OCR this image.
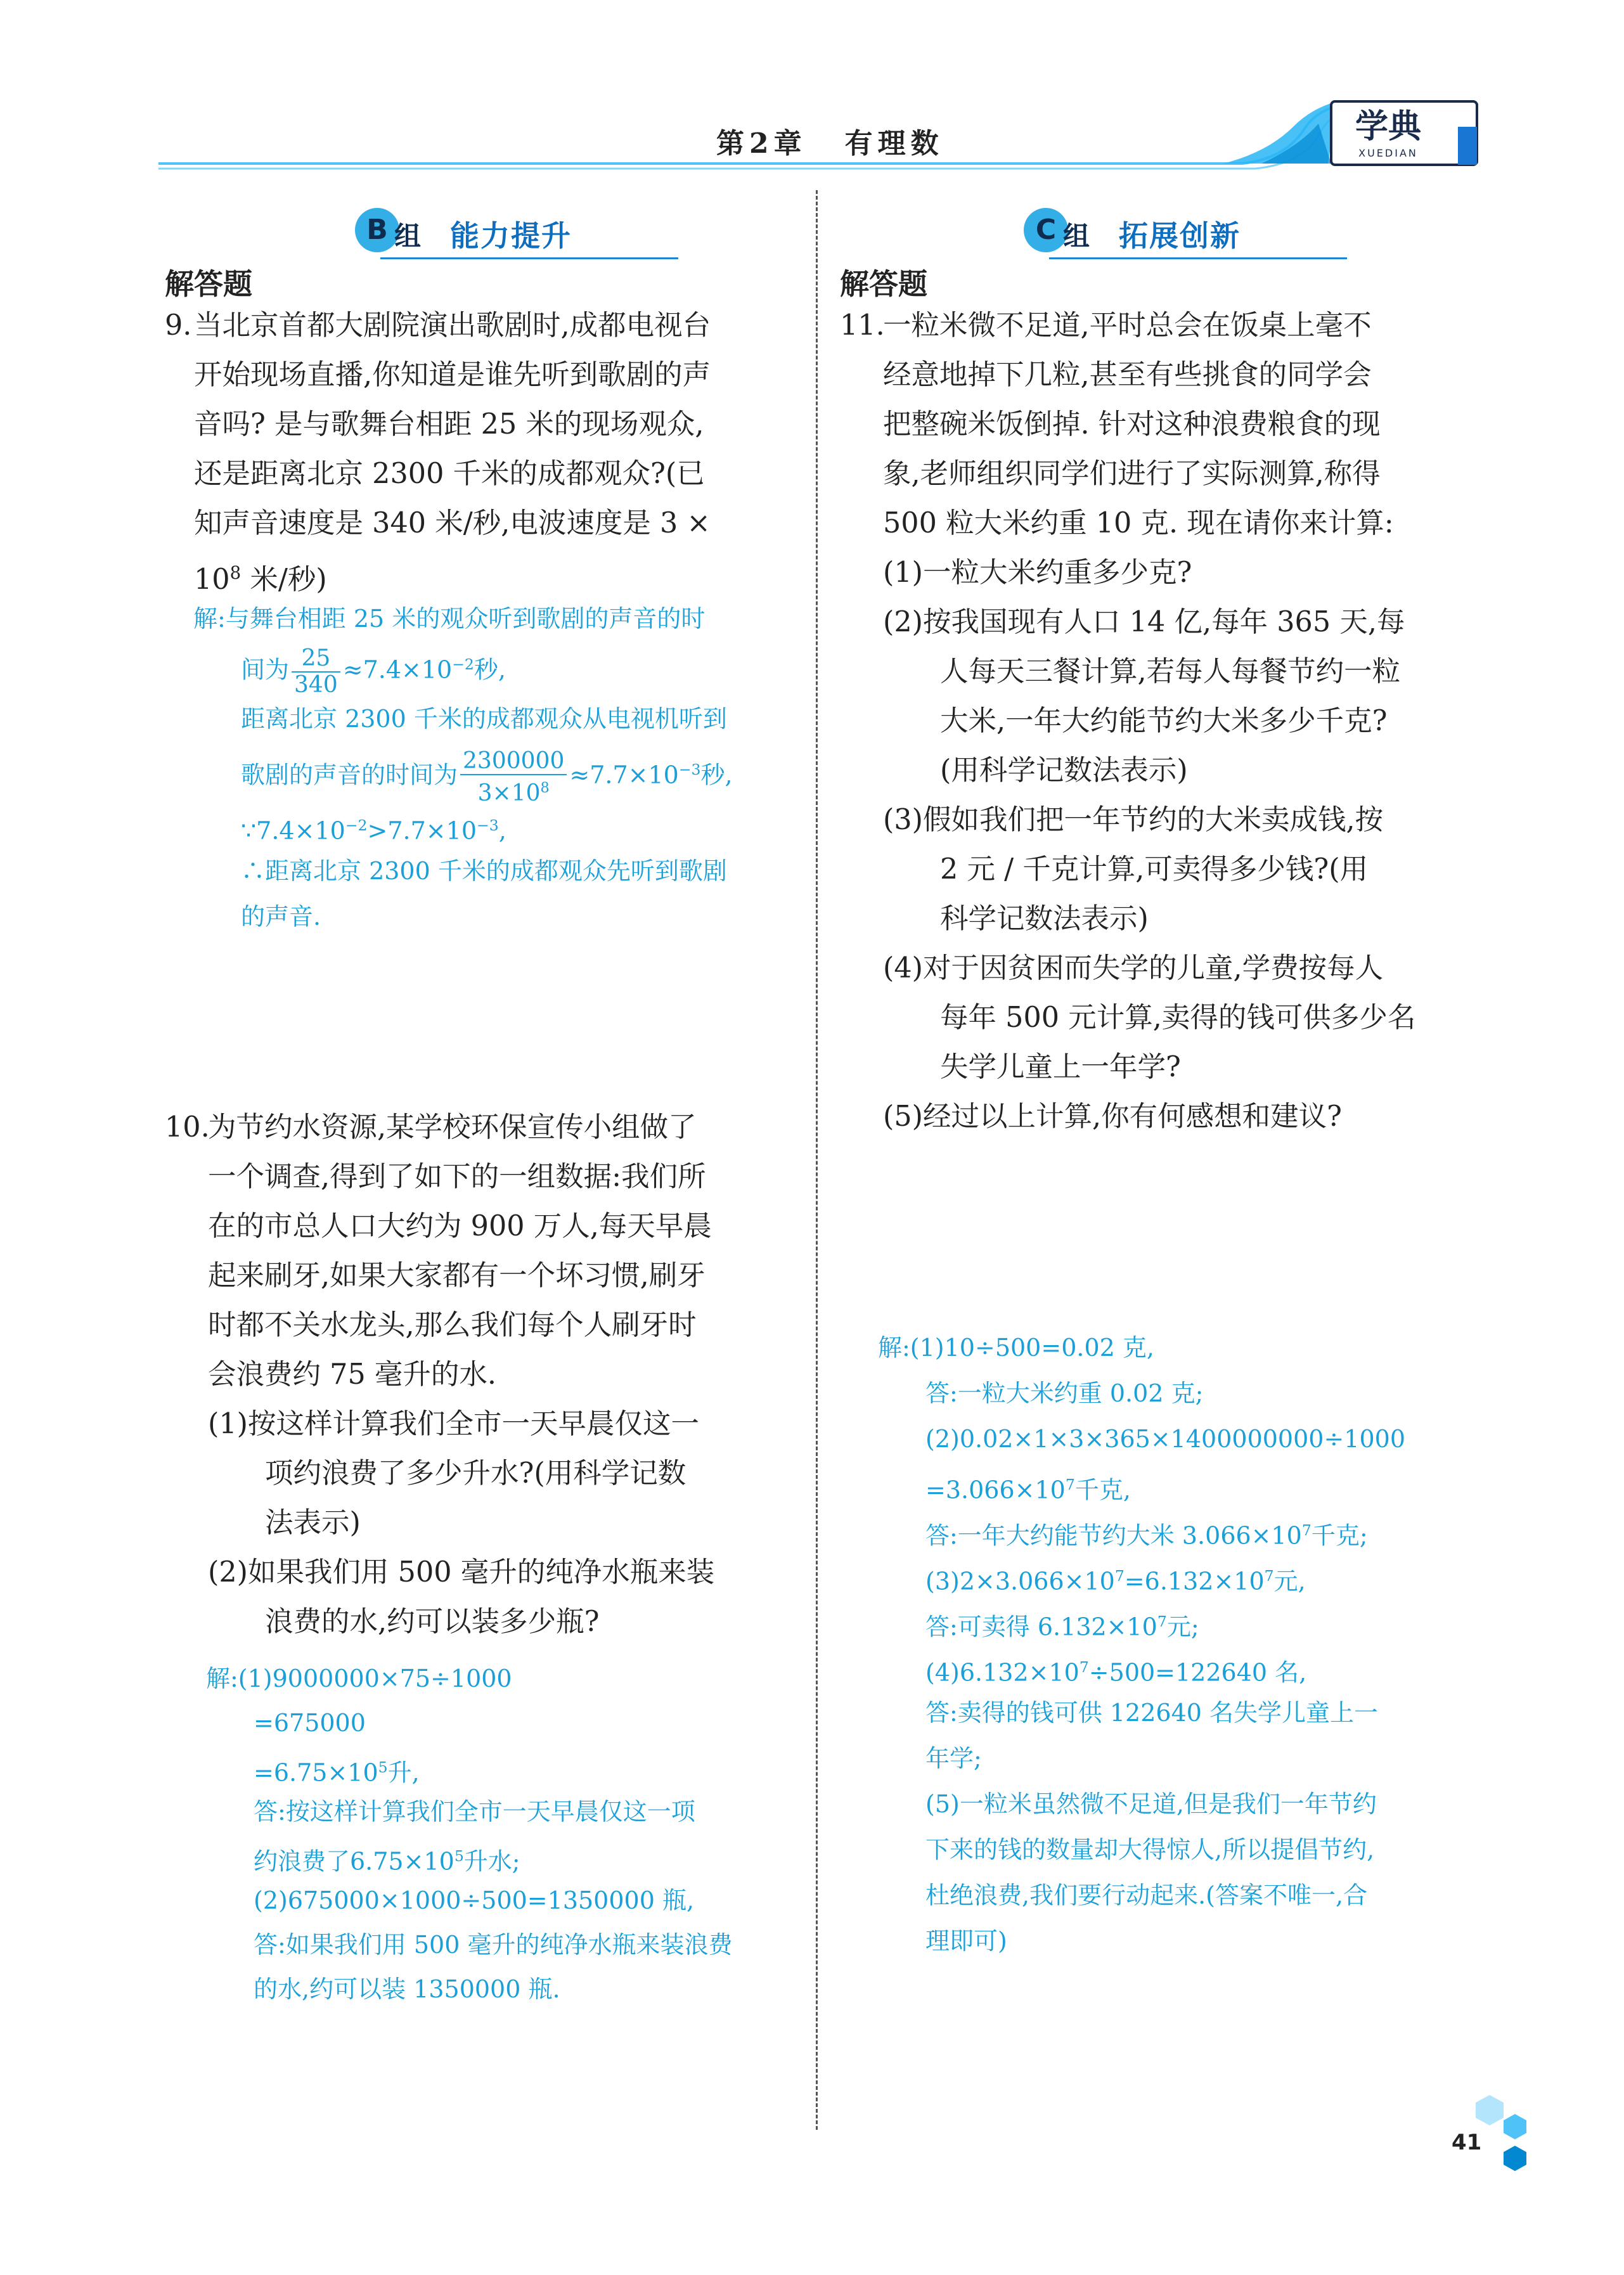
第2章 有理数	学典
XUEDIAN
B 组 能力提升
解答题
9. 当北京首都大剧院演出歌剧时,成都电视台
开始现场直播,你知道是谁先听到歌剧的声
音吗? 是与歌舞台相距 25 米的现场观众,
还是距离北京 2300 千米的成都观众?(已
知声音速度是 340 米/秒,电波速度是 3 ×
$10^8$ 米/秒)
解:与舞台相距 25 米的观众听到歌剧的声音的时
间为 $\frac{25}{340} \approx 7.4\times 10^{-2}$秒,
距离北京 2300 千米的成都观众从电视机听到
歌剧的声音的时间为 $\frac{2300000}{3\times 10^8} \approx 7.7\times 10^{-3}$秒,
$\because 7.4\times 10^{-2}>7.7\times 10^{-3}$,
∴距离北京 2300 千米的成都观众先听到歌剧
的声音.
10.
为节约水资源,某学校环保宣传小组做了
一个调查,得到了如下的一组数据:我们所
在的市总人口大约为 900 万人,每天早晨
起来刷牙,如果大家都有一个坏习惯,刷牙
时都不关水龙头,那么我们每个人刷牙时
会浪费约 75 毫升的水.
(1)按这样计算我们全市一天早晨仅这一
项约浪费了多少升水?(用科学记数
法表示)
(2)如果我们用 500 毫升的纯净水瓶来装
浪费的水,约可以装多少瓶?
解:(1)9000000×75÷1000
=675000
$=6.75\times 10^5$升,
答:按这样计算我们全市一天早晨仅这一项
约浪费了$6.75\times 10^5$升水;
(2)675000×1000÷500=1350000 瓶,
答:如果我们用 500 毫升的纯净水瓶来装浪费
的水,约可以装 1350000 瓶.
C 组 拓展创新
解答题
11.
一粒米微不足道,平时总会在饭桌上毫不
经意地掉下几粒,甚至有些挑食的同学会
把整碗米饭倒掉. 针对这种浪费粮食的现
象,老师组织同学们进行了实际测算,称得
500 粒大米约重 10 克. 现在请你来计算:
(1)一粒大米约重多少克?
(2)按我国现有人口 14 亿,每年 365 天,每
人每天三餐计算,若每人每餐节约一粒
大米,一年大约能节约大米多少千克?
(用科学记数法表示)
(3)假如我们把一年节约的大米卖成钱,按
2 元 / 千克计算,可卖得多少钱?(用
科学记数法表示)
(4)对于因贫困而失学的儿童,学费按每人
每年 500 元计算,卖得的钱可供多少名
失学儿童上一年学?
(5)经过以上计算,你有何感想和建议?
解:(1)10÷500=0.02 克,
答:一粒大米约重 0.02 克;
(2)0.02×1×3×365×1400000000÷1000
$=3.066\times 10^7$千克,
答:一年大约能节约大米 $3.066\times 10^7$千克;
$(3)2\times 3.066\times 10^7=6.132\times 10^7$元,
答:可卖得 $6.132\times 10^7$元;
$(4)6.132\times 10^7\div 500=122640$ 名,
答:卖得的钱可供 122640 名失学儿童上一
年学;
(5)一粒米虽然微不足道,但是我们一年节约
下来的钱的数量却大得惊人,所以提倡节约,
杜绝浪费,我们要行动起来.(答案不唯一,合
理即可)
41
